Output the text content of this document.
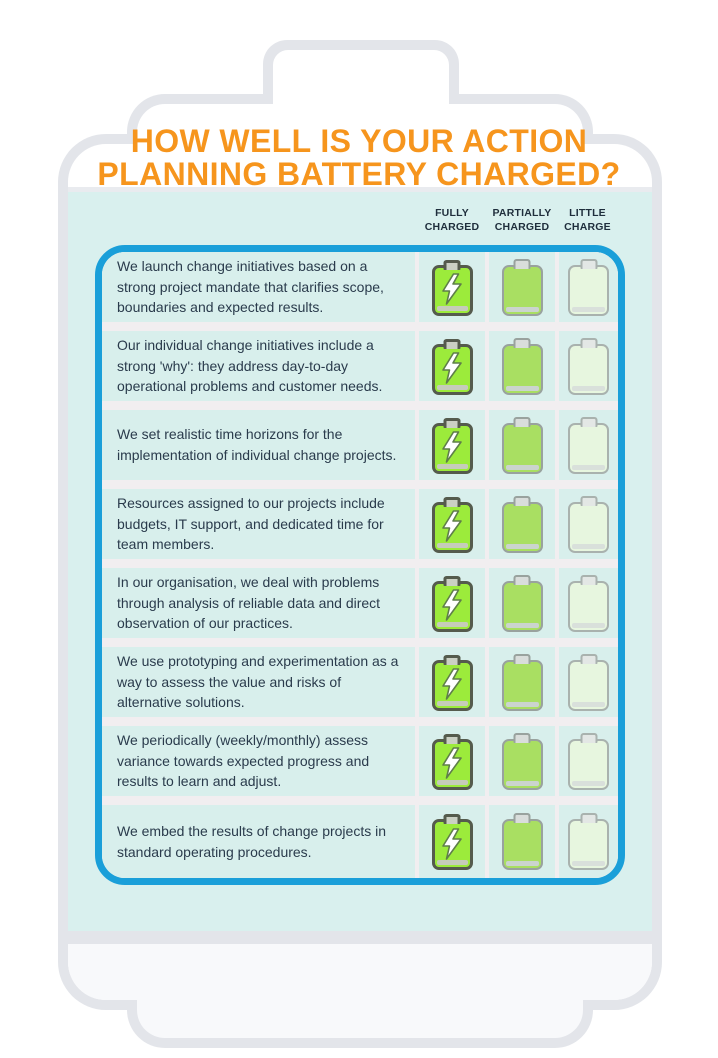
HOW WELL IS YOUR ACTION
PLANNING BATTERY CHARGED?
FULLY CHARGED
PARTIALLY CHARGED
LITTLE CHARGE
We launch change initiatives based on a strong project mandate that clarifies scope, boundaries and expected results.
Our individual change initiatives include a strong 'why': they address day-to-day operational problems and customer needs.
We set realistic time horizons for the implementation of individual change projects.
Resources assigned to our projects include budgets, IT support, and dedicated time for team members.
In our organisation, we deal with problems through analysis of reliable data and direct observation of our practices.
We use prototyping and experimentation as a way to assess the value and risks of alternative solutions.
We periodically (weekly/monthly) assess variance towards expected progress and results to learn and adjust.
We embed the results of change projects in standard operating procedures.
